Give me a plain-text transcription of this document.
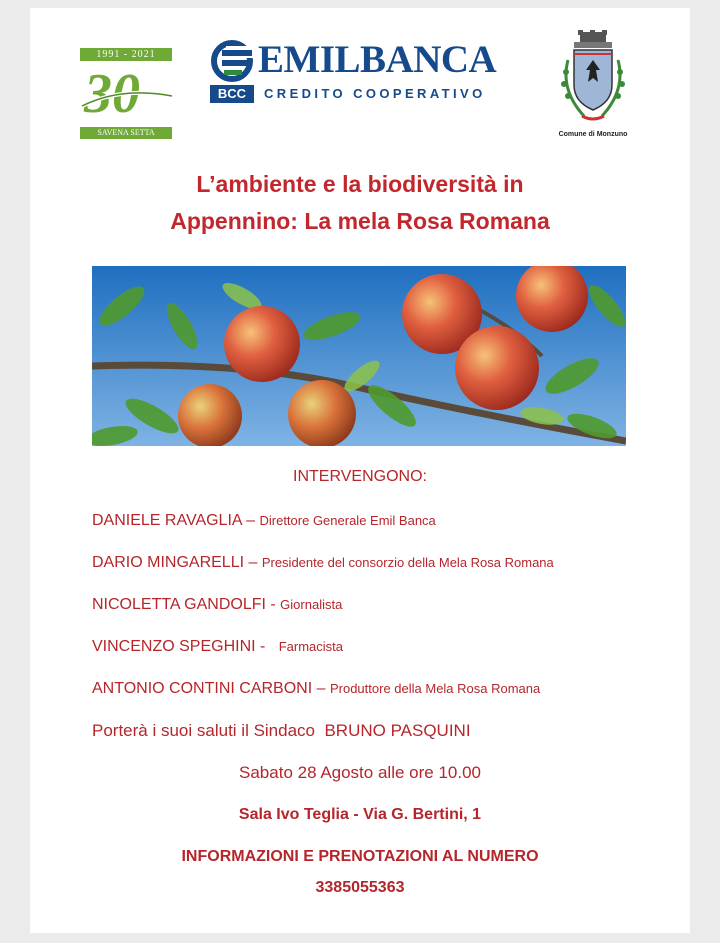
1991 - 2021
30
SAVENA SETTA SAMBRO
EMILBANCA
BCC	CREDITO COOPERATIVO
Comune di Monzuno
L’ambiente e la biodiversità in
Appennino: La mela Rosa Romana
INTERVENGONO:
DANIELE RAVAGLIA – Direttore Generale Emil Banca
DARIO MINGARELLI – Presidente del consorzio della Mela Rosa Romana
NICOLETTA GANDOLFI - Giornalista
VINCENZO SPEGHINI -   Farmacista
ANTONIO CONTINI CARBONI – Produttore della Mela Rosa Romana
Porterà i suoi saluti il Sindaco  BRUNO PASQUINI
Sabato 28 Agosto alle ore 10.00
Sala Ivo Teglia - Via G. Bertini, 1
INFORMAZIONI E PRENOTAZIONI AL NUMERO
3385055363
